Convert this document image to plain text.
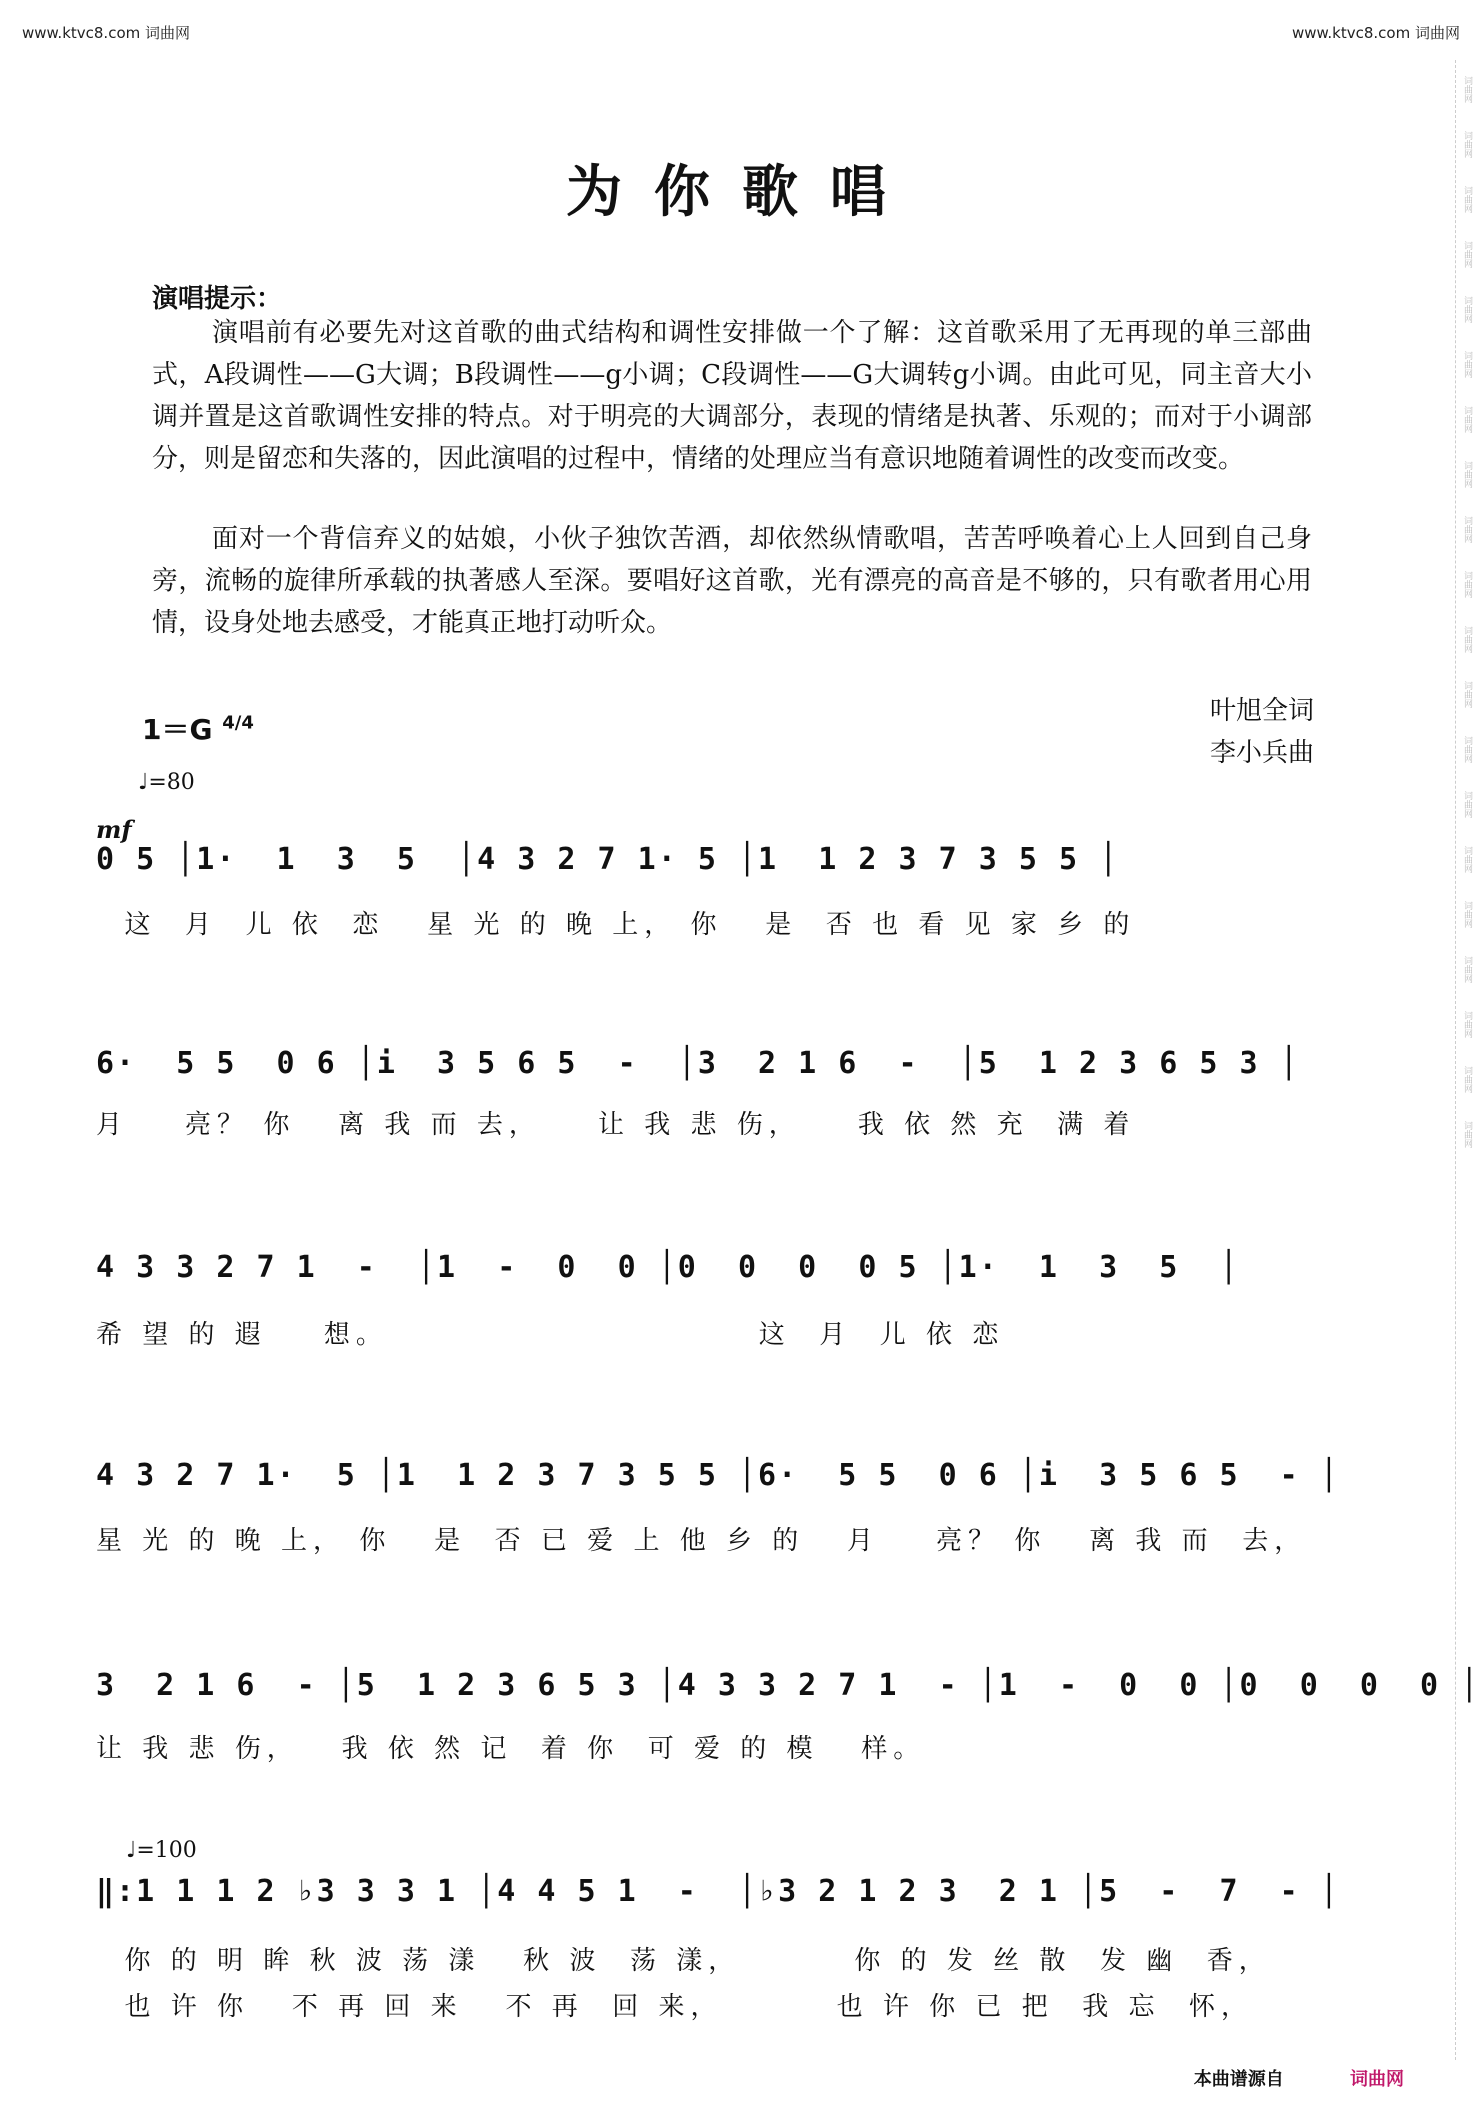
www.ktvc8.com 词曲网	www.ktvc8.com 词曲网
词曲网
词曲网
词曲网
词曲网
词曲网
词曲网
词曲网
词曲网
词曲网
词曲网
词曲网
词曲网
词曲网
词曲网
词曲网
词曲网
词曲网
词曲网
词曲网
词曲网
为你歌唱
演唱提示：
演唱前有必要先对这首歌的曲式结构和调性安排做一个了解：这首歌采用了无再现的单三部曲式，A段调性——G大调；B段调性——g小调；C段调性——G大调转g小调。由此可见，同主音大小调并置是这首歌调性安排的特点。对于明亮的大调部分，表现的情绪是执著、乐观的；而对于小调部分，则是留恋和失落的，因此演唱的过程中，情绪的处理应当有意识地随着调性的改变而改变。
面对一个背信弃义的姑娘，小伙子独饮苦酒，却依然纵情歌唱，苦苦呼唤着心上人回到自己身旁，流畅的旋律所承载的执著感人至深。要唱好这首歌，光有漂亮的高音是不够的，只有歌者用心用情，设身处地去感受，才能真正地打动听众。
1＝G $^{4/4}$
♩=80
叶旭全词
李小兵曲
mf
0 5 │1·  1  3  5  │4 3 2 7 1· 5 │1  1 2 3 7 3 5 5 │
这  月  儿 依  恋   星 光 的 晚 上， 你   是  否 也 看 见 家 乡 的
6·  5 5  0 6 │i  3 5 6 5  -  │3  2 1 6  -  │5  1 2 3 6 5 3 │
月    亮？ 你   离 我 而 去，    让 我 悲 伤，    我 依 然 充  满 着
4 3 3 2 7 1  -  │1  -  0  0 │0  0  0  0 5 │1·  1  3  5  │
希 望 的 遐    想。                          这  月  儿 依 恋
4 3 2 7 1·  5 │1  1 2 3 7 3 5 5 │6·  5 5  0 6 │i  3 5 6 5  - │
星 光 的 晚 上， 你   是  否 已 爱 上 他 乡 的   月    亮？ 你   离 我 而  去，
3  2 1 6  - │5  1 2 3 6 5 3 │4 3 3 2 7 1  - │1  -  0  0 │0  0  0  0 │
让 我 悲 伤，   我 依 然 记  着 你  可 爱 的 模   样。
♩=100
‖:1 1 1 2 ♭3 3 3 1 │4 4 5 1  -  │♭3 2 1 2 3  2 1 │5  -  7  - │
你 的 明 眸 秋 波 荡 漾   秋 波  荡 漾，        你 的 发 丝 散  发 幽  香，
也 许 你   不 再 回 来   不 再  回 来，        也 许 你 已 把  我 忘  怀，
本曲谱源自	词曲网
